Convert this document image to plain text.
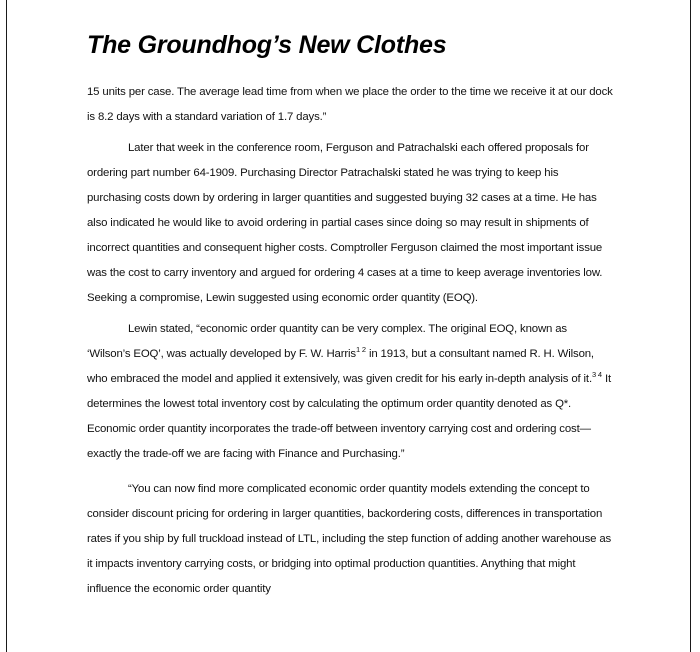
The Groundhog’s New Clothes

15 units per case. The average lead time from when we place the order to the time we receive it at our dock is 8.2 days with a standard variation of 1.7 days.”

Later that week in the conference room, Ferguson and Patrachalski each offered proposals for ordering part number 64-1909. Purchasing Director Patrachalski stated he was trying to keep his purchasing costs down by ordering in larger quantities and suggested buying 32 cases at a time. He has also indicated he would like to avoid ordering in partial cases since doing so may result in shipments of incorrect quantities and consequent higher costs. Comptroller Ferguson claimed the most important issue was the cost to carry inventory and argued for ordering 4 cases at a time to keep average inventories low. Seeking a compromise, Lewin suggested using economic order quantity (EOQ).

Lewin stated, “economic order quantity can be very complex. The original EOQ, known as ‘Wilson’s EOQ’, was actually developed by F. W. Harris$^{1 2}$ in 1913, but a consultant named R. H. Wilson, who embraced the model and applied it extensively, was given credit for his early in-depth analysis of it.$^{3 4}$ It determines the lowest total inventory cost by calculating the optimum order quantity denoted as Q*. Economic order quantity incorporates the trade-off between inventory carrying cost and ordering cost—exactly the trade-off we are facing with Finance and Purchasing.”

“You can now find more complicated economic order quantity models extending the concept to consider discount pricing for ordering in larger quantities, backordering costs, differences in transportation rates if you ship by full truckload instead of LTL, including the step function of adding another warehouse as it impacts inventory carrying costs, or bridging into optimal production quantities. Anything that might influence the economic order quantity
